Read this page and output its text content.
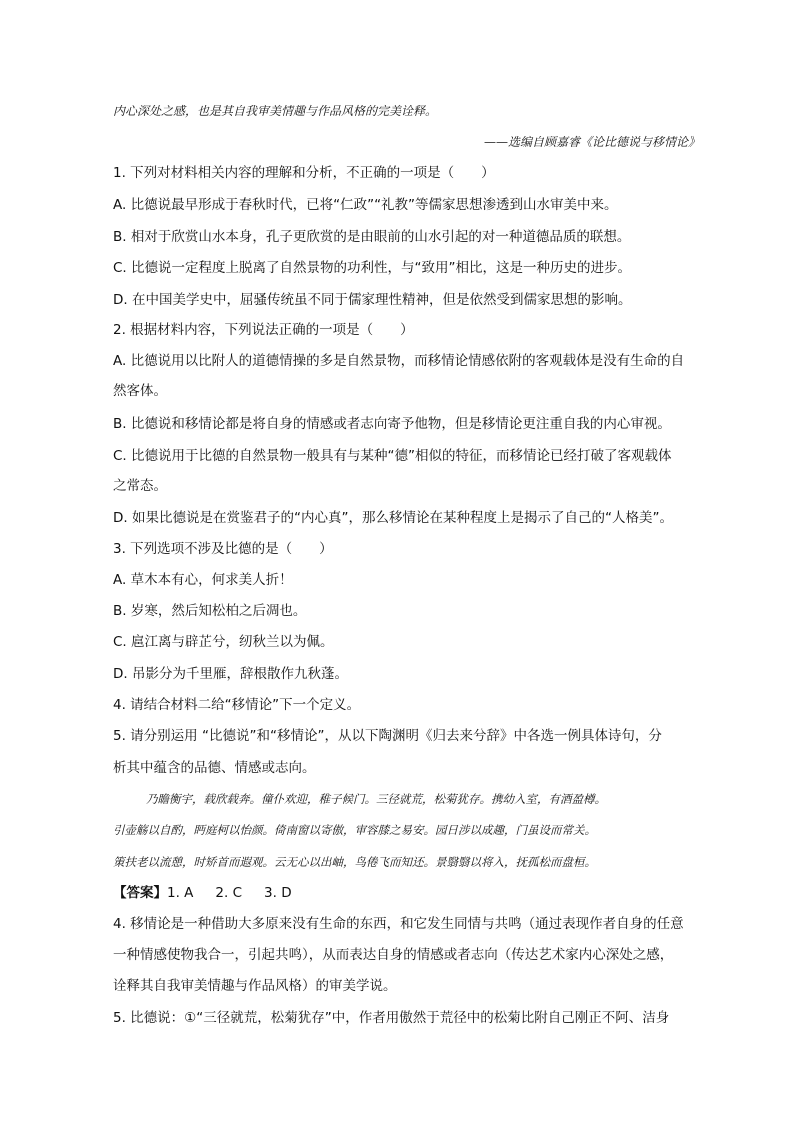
内心深处之感，也是其自我审美情趣与作品风格的完美诠释。
——选编自顾嘉睿《论比德说与移情论》
1. 下列对材料相关内容的理解和分析，不正确的一项是（　　）
A. 比德说最早形成于春秋时代，已将“仁政”“礼教”等儒家思想渗透到山水审美中来。
B. 相对于欣赏山水本身，孔子更欣赏的是由眼前的山水引起的对一种道德品质的联想。
C. 比德说一定程度上脱离了自然景物的功利性，与“致用”相比，这是一种历史的进步。
D. 在中国美学史中，屈骚传统虽不同于儒家理性精神，但是依然受到儒家思想的影响。
2. 根据材料内容，下列说法正确的一项是（　　）
A. 比德说用以比附人的道德情操的多是自然景物，而移情论情感依附的客观载体是没有生命的自
然客体。
B. 比德说和移情论都是将自身的情感或者志向寄予他物，但是移情论更注重自我的内心审视。
C. 比德说用于比德的自然景物一般具有与某种“德”相似的特征，而移情论已经打破了客观载体
之常态。
D. 如果比德说是在赏鉴君子的“内心真”，那么移情论在某种程度上是揭示了自己的“人格美”。
3. 下列选项不涉及比德的是（　　）
A. 草木本有心，何求美人折！
B. 岁寒，然后知松柏之后凋也。
C. 扈江离与辟芷兮，纫秋兰以为佩。
D. 吊影分为千里雁，辞根散作九秋蓬。
4. 请结合材料二给“移情论”下一个定义。
5. 请分别运用 “比德说”和“移情论”，从以下陶渊明《归去来兮辞》中各选一例具体诗句，分
析其中蕴含的品德、情感或志向。
乃瞻衡宇，载欣载奔。僮仆欢迎，稚子候门。三径就荒，松菊犹存。携幼入室，有酒盈樽。
引壶觞以自酌，眄庭柯以怡颜。倚南窗以寄傲，审容膝之易安。园日涉以成趣，门虽设而常关。
策扶老以流憩，时矫首而遐观。云无心以出岫，鸟倦飞而知还。景翳翳以将入，抚孤松而盘桓。
【答案】1. A 2. C 3. D
4. 移情论是一种借助大多原来没有生命的东西，和它发生同情与共鸣（通过表现作者自身的任意
一种情感使物我合一，引起共鸣），从而表达自身的情感或者志向（传达艺术家内心深处之感，
诠释其自我审美情趣与作品风格）的审美学说。
5. 比德说：①“三径就荒，松菊犹存”中，作者用傲然于荒径中的松菊比附自己刚正不阿、洁身
